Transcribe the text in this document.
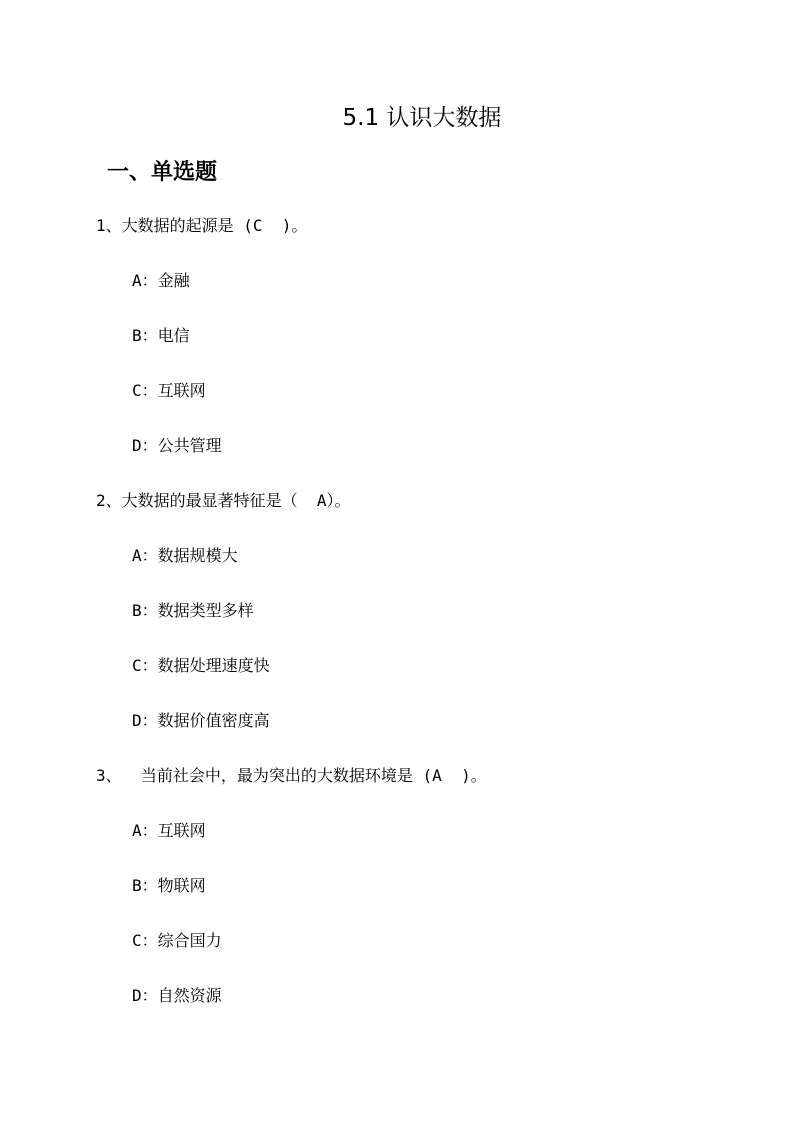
5.1 认识大数据
一、单选题

1、大数据的起源是 (C  )。

A：金融

B：电信

C：互联网

D：公共管理

2、大数据的最显著特征是（  A）。

A：数据规模大

B：数据类型多样

C：数据处理速度快

D：数据价值密度高

3、  当前社会中，最为突出的大数据环境是 (A  )。

A：互联网

B：物联网

C：综合国力

D：自然资源
